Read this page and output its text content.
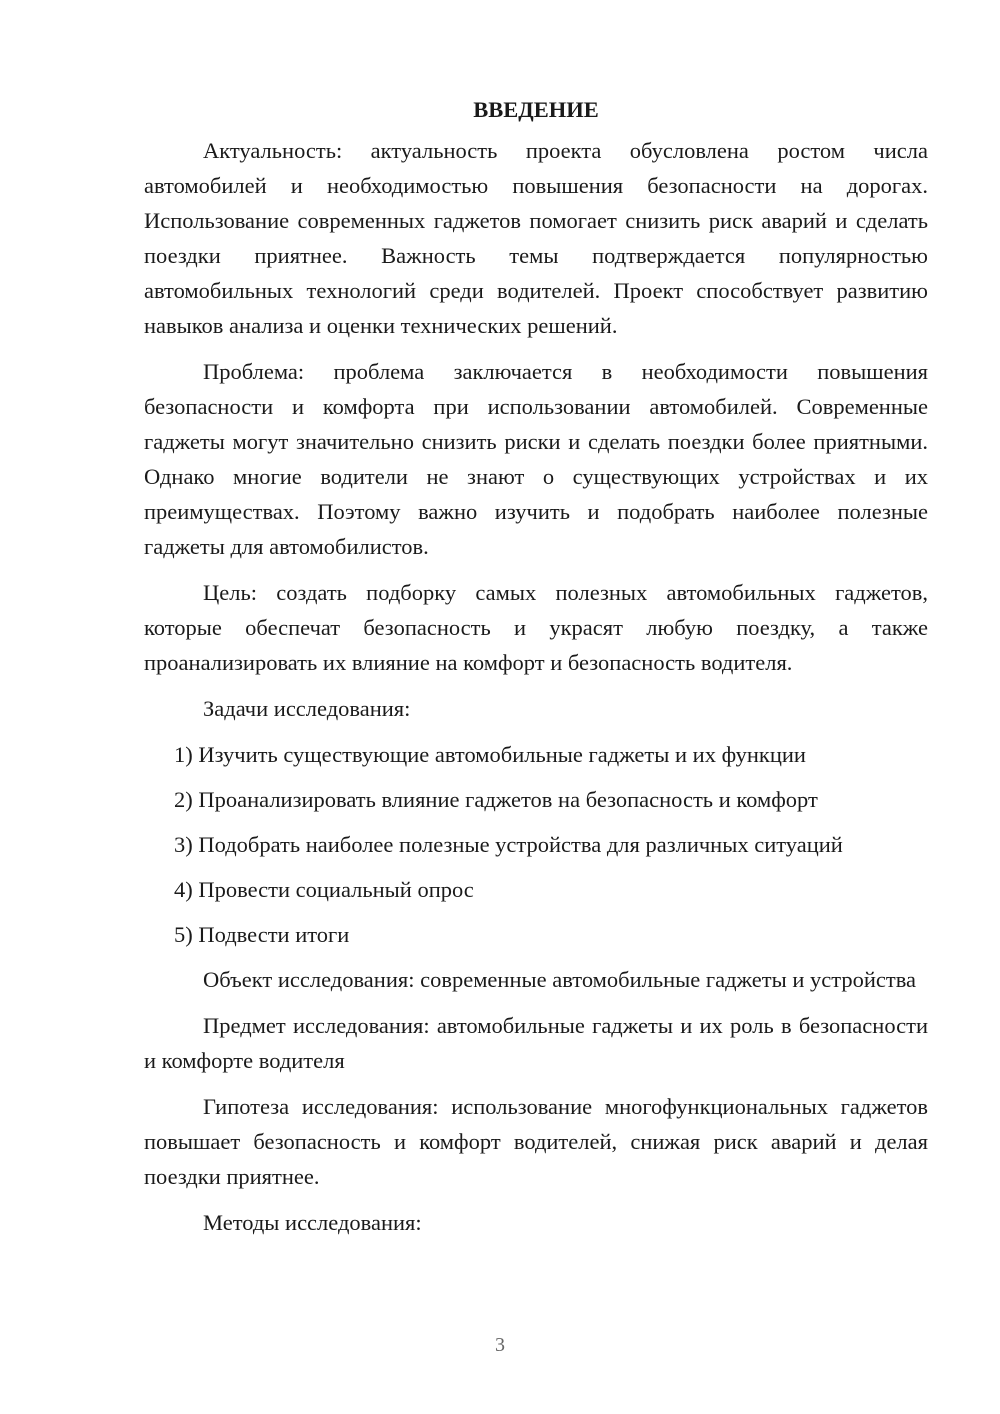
ВВЕДЕНИЕ

Актуальность: актуальность проекта обусловлена ростом числа автомобилей и необходимостью повышения безопасности на дорогах. Использование современных гаджетов помогает снизить риск аварий и сделать поездки приятнее. Важность темы подтверждается популярностью автомобильных технологий среди водителей. Проект способствует развитию навыков анализа и оценки технических решений.

Проблема: проблема заключается в необходимости повышения безопасности и комфорта при использовании автомобилей. Современные гаджеты могут значительно снизить риски и сделать поездки более приятными. Однако многие водители не знают о существующих устройствах и их преимуществах. Поэтому важно изучить и подобрать наиболее полезные гаджеты для автомобилистов.

Цель: создать подборку самых полезных автомобильных гаджетов, которые обеспечат безопасность и украсят любую поездку, а также проанализировать их влияние на комфорт и безопасность водителя.

Задачи исследования:

1) Изучить существующие автомобильные гаджеты и их функции
2) Проанализировать влияние гаджетов на безопасность и комфорт
3) Подобрать наиболее полезные устройства для различных ситуаций
4) Провести социальный опрос
5) Подвести итоги

Объект исследования: современные автомобильные гаджеты и устройства

Предмет исследования: автомобильные гаджеты и их роль в безопасности и комфорте водителя

Гипотеза исследования: использование многофункциональных гаджетов повышает безопасность и комфорт водителей, снижая риск аварий и делая поездки приятнее.

Методы исследования:

3
